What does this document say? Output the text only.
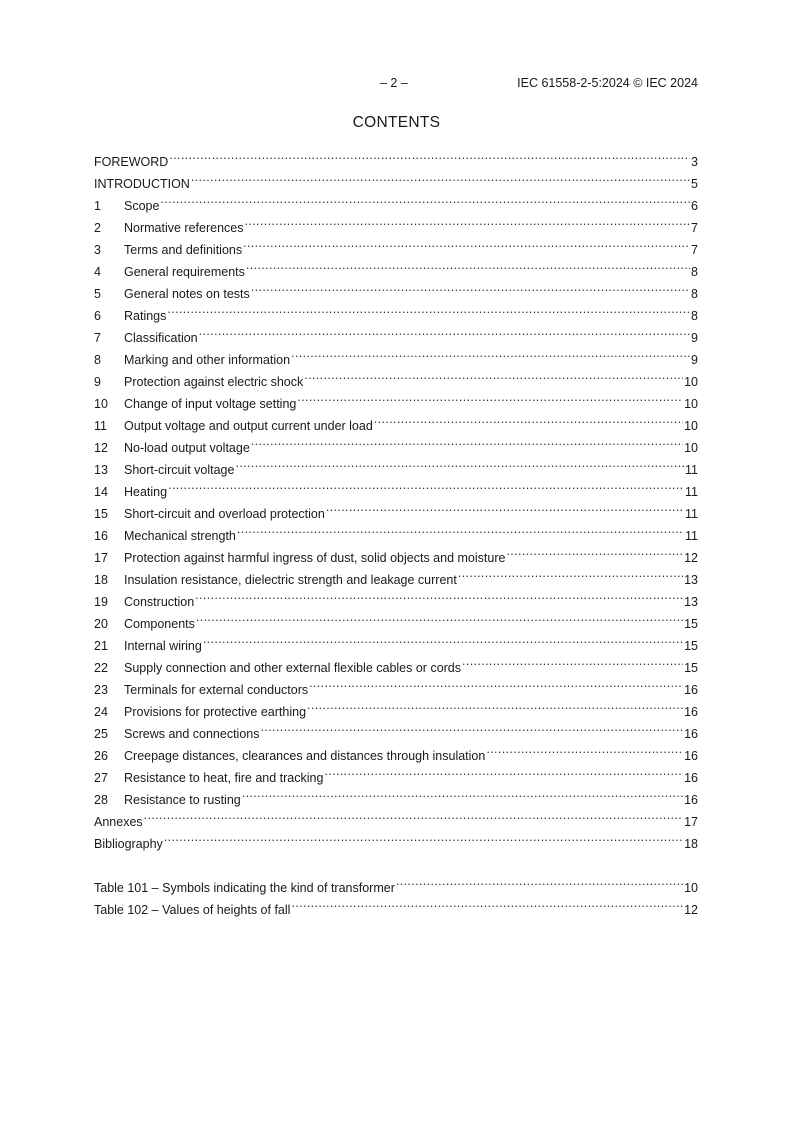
– 2 –	IEC 61558-2-5:2024 © IEC 2024
CONTENTS
FOREWORD . . .	3
INTRODUCTION . . .	5
1	Scope . . .	6
2	Normative references . . .	7
3	Terms and definitions . . .	7
4	General requirements . . .	8
5	General notes on tests . . .	8
6	Ratings . . .	8
7	Classification . . .	9
8	Marking and other information . . .	9
9	Protection against electric shock . . .	10
10	Change of input voltage setting . . .	10
11	Output voltage and output current under load . . .	10
12	No-load output voltage . . .	10
13	Short-circuit voltage . . .	11
14	Heating . . .	11
15	Short-circuit and overload protection . . .	11
16	Mechanical strength . . .	11
17	Protection against harmful ingress of dust, solid objects and moisture . . .	12
18	Insulation resistance, dielectric strength and leakage current . . .	13
19	Construction . . .	13
20	Components . . .	15
21	Internal wiring . . .	15
22	Supply connection and other external flexible cables or cords . . .	15
23	Terminals for external conductors . . .	16
24	Provisions for protective earthing . . .	16
25	Screws and connections . . .	16
26	Creepage distances, clearances and distances through insulation . . .	16
27	Resistance to heat, fire and tracking . . .	16
28	Resistance to rusting . . .	16
Annexes . . .	17
Bibliography . . .	18
Table 101 – Symbols indicating the kind of transformer . . .	10
Table 102 – Values of heights of fall . . .	12
